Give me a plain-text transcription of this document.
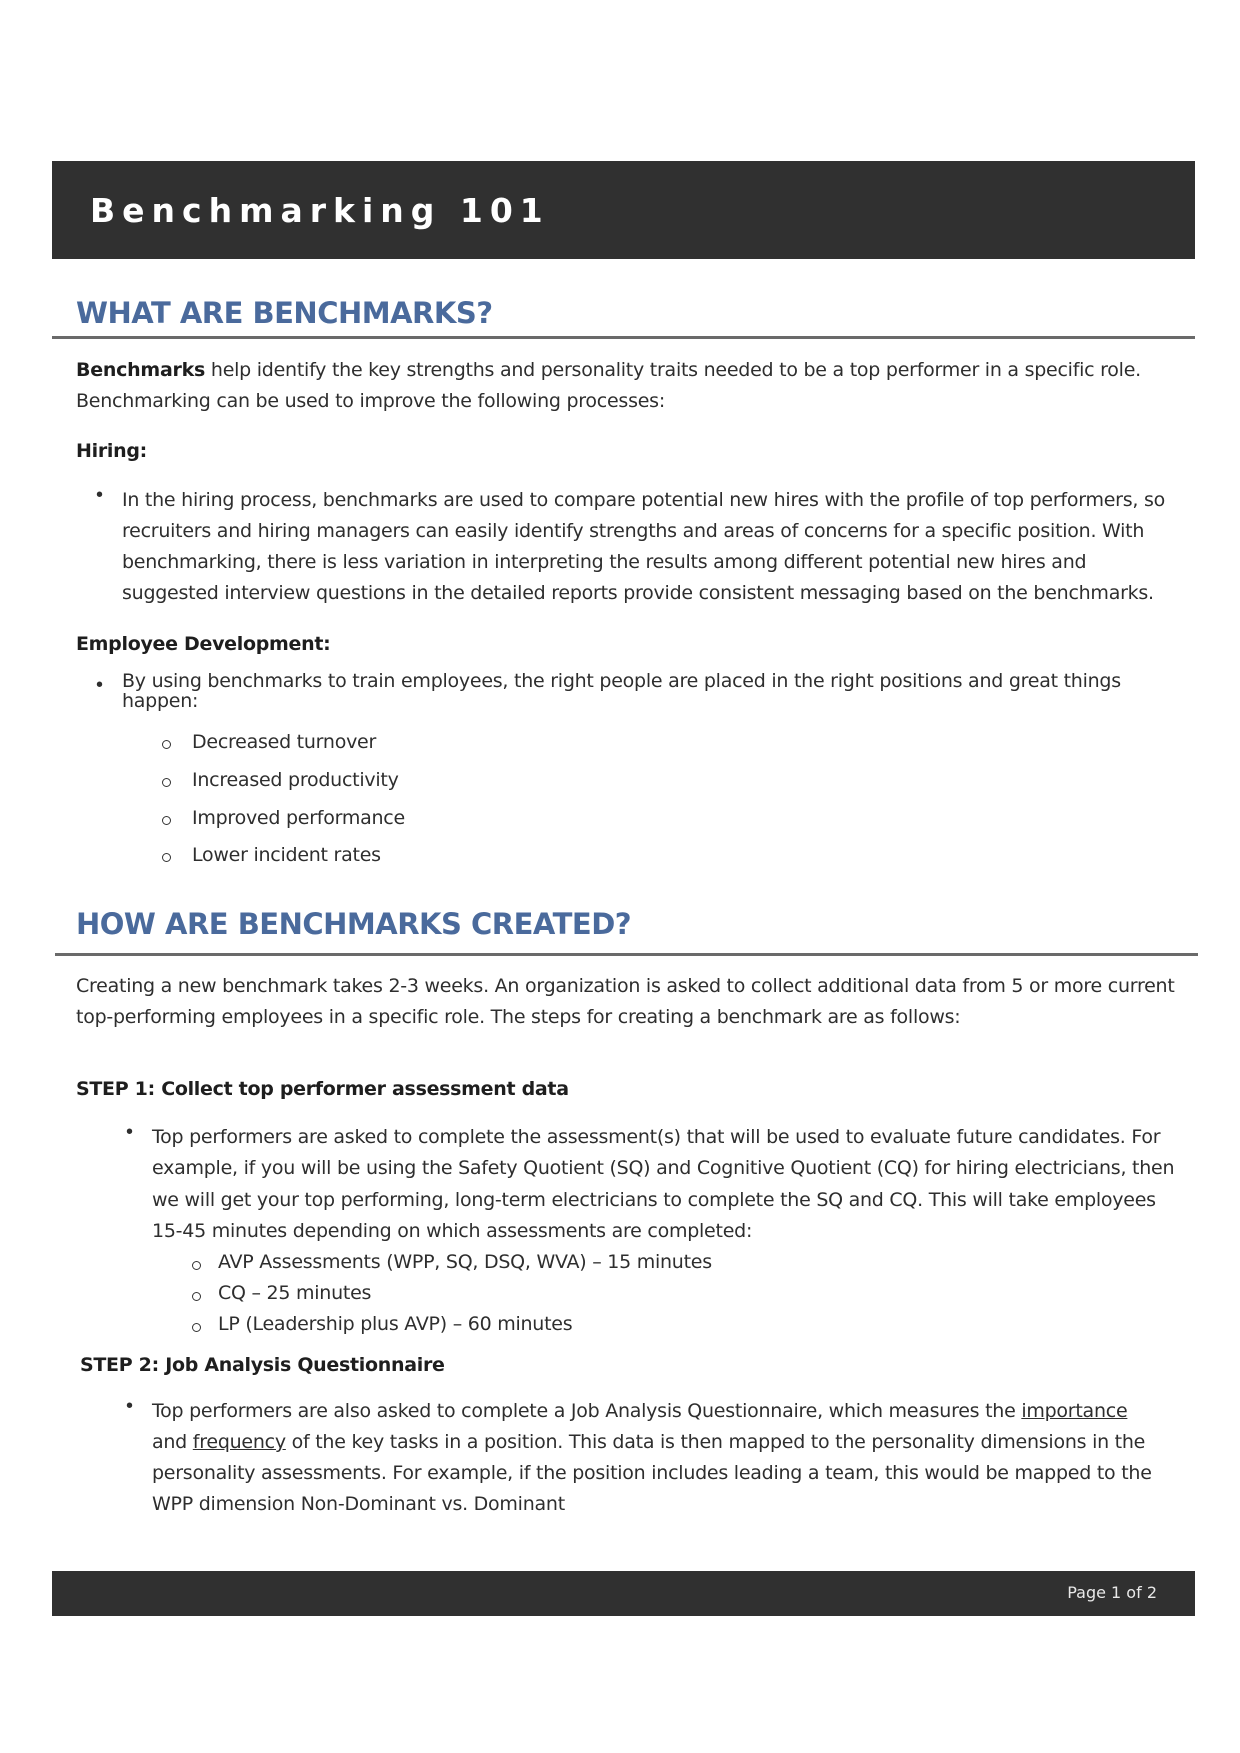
Benchmarking 101
WHAT ARE BENCHMARKS?
Benchmarks help identify the key strengths and personality traits needed to be a top performer in a specific role.
Benchmarking can be used to improve the following processes:
Hiring:
• In the hiring process, benchmarks are used to compare potential new hires with the profile of top performers, so
recruiters and hiring managers can easily identify strengths and areas of concerns for a specific position. With
benchmarking, there is less variation in interpreting the results among different potential new hires and
suggested interview questions in the detailed reports provide consistent messaging based on the benchmarks.
Employee Development:
• By using benchmarks to train employees, the right people are placed in the right positions and great things
happen:
Decreased turnover
Increased productivity
Improved performance
Lower incident rates
HOW ARE BENCHMARKS CREATED?
Creating a new benchmark takes 2-3 weeks. An organization is asked to collect additional data from 5 or more current
top-performing employees in a specific role. The steps for creating a benchmark are as follows:
STEP 1: Collect top performer assessment data
• Top performers are asked to complete the assessment(s) that will be used to evaluate future candidates. For
example, if you will be using the Safety Quotient (SQ) and Cognitive Quotient (CQ) for hiring electricians, then
we will get your top performing, long-term electricians to complete the SQ and CQ. This will take employees
15-45 minutes depending on which assessments are completed:
AVP Assessments (WPP, SQ, DSQ, WVA) – 15 minutes
CQ – 25 minutes
LP (Leadership plus AVP) – 60 minutes
STEP 2: Job Analysis Questionnaire
• Top performers are also asked to complete a Job Analysis Questionnaire, which measures the importance
and frequency of the key tasks in a position. This data is then mapped to the personality dimensions in the
personality assessments. For example, if the position includes leading a team, this would be mapped to the
WPP dimension Non-Dominant vs. Dominant
Page 1 of 2
